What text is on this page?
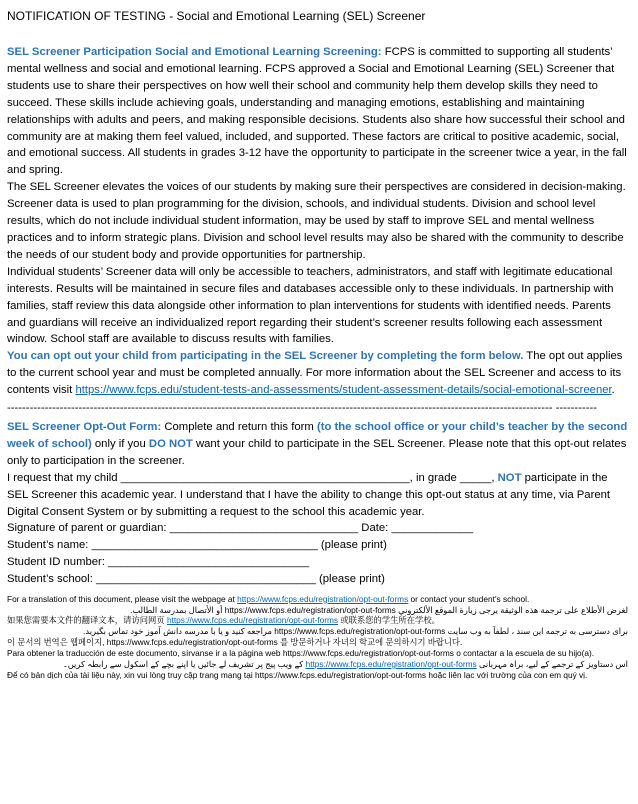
NOTIFICATION OF TESTING - Social and Emotional Learning (SEL) Screener

SEL Screener Participation Social and Emotional Learning Screening: FCPS is committed to supporting all students’ mental wellness and social and emotional learning. FCPS approved a Social and Emotional Learning (SEL) Screener that students use to share their perspectives on how well their school and community help them develop skills they need to succeed. These skills include achieving goals, understanding and managing emotions, establishing and maintaining relationships with adults and peers, and making responsible decisions. Students also share how successful their school and community are at making them feel valued, included, and supported. These factors are critical to positive academic, social, and emotional success. All students in grades 3-12 have the opportunity to participate in the screener twice a year, in the fall and spring.

The SEL Screener elevates the voices of our students by making sure their perspectives are considered in decision-making. Screener data is used to plan programming for the division, schools, and individual students. Division and school level results, which do not include individual student information, may be used by staff to improve SEL and mental wellness practices and to inform strategic plans. Division and school level results may also be shared with the community to describe the needs of our student body and provide opportunities for partnership.

Individual students’ Screener data will only be accessible to teachers, administrators, and staff with legitimate educational interests. Results will be maintained in secure files and databases accessible only to these individuals. In partnership with families, staff review this data alongside other information to plan interventions for students with identified needs. Parents and guardians will receive an individualized report regarding their student’s screener results following each assessment window. School staff are available to discuss results with families.

You can opt out your child from participating in the SEL Screener by completing the form below. The opt out applies to the current school year and must be completed annually. For more information about the SEL Screener and access to its contents visit https://www.fcps.edu/student-tests-and-assessments/student-assessment-details/social-emotional-screener.

------------------------------------------------------------------------------------------------------------------------------------------------- -----------

SEL Screener Opt-Out Form: Complete and return this form (to the school office or your child’s teacher by the second week of school) only if you DO NOT want your child to participate in the SEL Screener. Please note that this opt-out relates only to participation in the screener.

I request that my child ______________________________________________, in grade _____, NOT participate in the SEL Screener this academic year. I understand that I have the ability to change this opt-out status at any time, via Parent Digital Consent System or by submitting a request to the school this academic year.

Signature of parent or guardian: ______________________________ Date: _____________
Student’s name: ____________________________________ (please print)
Student ID number: ________________________________
Student’s school: ___________________________________ (please print)
For a translation of this document, please visit the webpage at https://www.fcps.edu/registration/opt-out-forms or contact your student's school.
لغرض الأطلاع على ترجمة هذه الوثيقة يرجى زيارة الموقع الألكتروني https://www.fcps.edu/registration/opt-out-forms أو الأتصال بمدرسة الطالب.
如果您需要本文件的翻译文本，请访问网页 https://www.fcps.edu/registration/opt-out-forms 或联系您的学生所在学校。
برای دسترسی به ترجمه این سند ، لطفاً به وب سایت https://www.fcps.edu/registration/opt-out-forms مراجعه کنید و یا با مدرسه دانش آموز خود تماس بگیرید.
이 문서의 번역은 웹페이지, https://www.fcps.edu/registration/opt-out-forms 를 방문하거나 자녀의 학교에 문의하시기 바랍니다.
Para obtener la traducción de este documento, sírvanse ir a la página web https://www.fcps.edu/registration/opt-out-forms o contactar a la escuela de su hijo(a).
اس دستاویز کے ترجمے کے لیے، براہ مہربانی https://www.fcps.edu/registration/opt-out-forms کے ویب پیج پر تشریف لے جائیں یا اپنے بچے کے اسکول سے رابطہ کریں۔
Để có bản dịch của tài liệu này, xin vui lòng truy cập trang mạng tại https://www.fcps.edu/registration/opt-out-forms hoặc liên lạc với trường của con em quý vị.
